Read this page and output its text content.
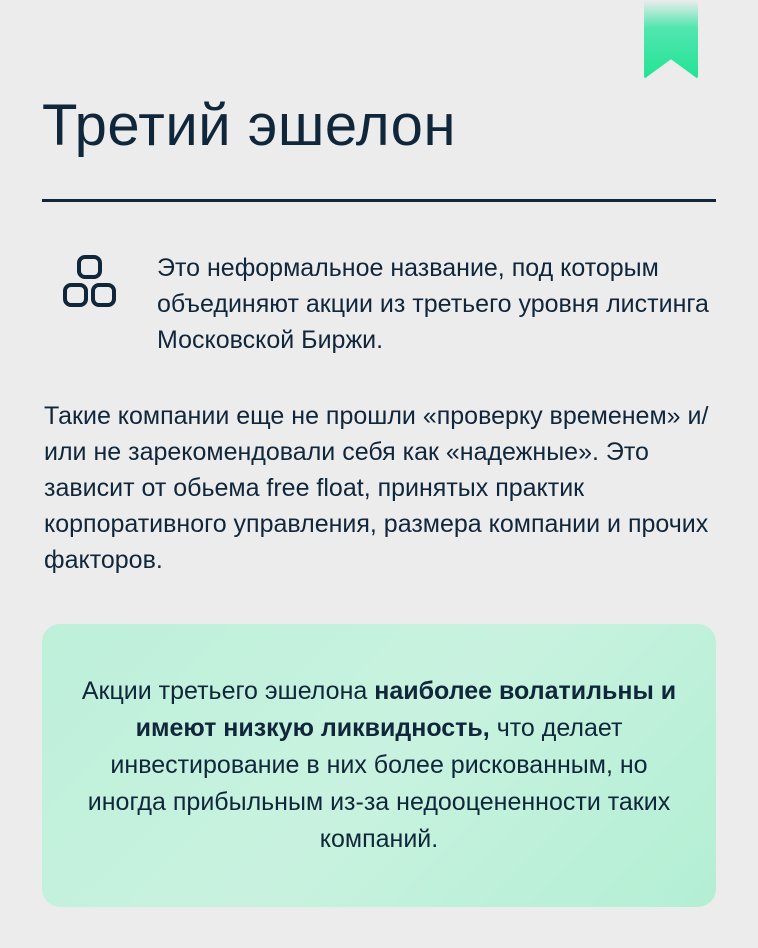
Третий эшелон
Это неформальное название, под которым объединяют акции из третьего уровня листинга Московской Биржи.
Такие компании еще не прошли «проверку временем» и/или не зарекомендовали себя как «надежные». Это зависит от обьема free float, принятых практик корпоративного управления, размера компании и прочих факторов.

Акции третьего эшелона наиболее волатильны и имеют низкую ликвидность, что делает инвестирование в них более рискованным, но иногда прибыльным из-за недооцененности таких компаний.
